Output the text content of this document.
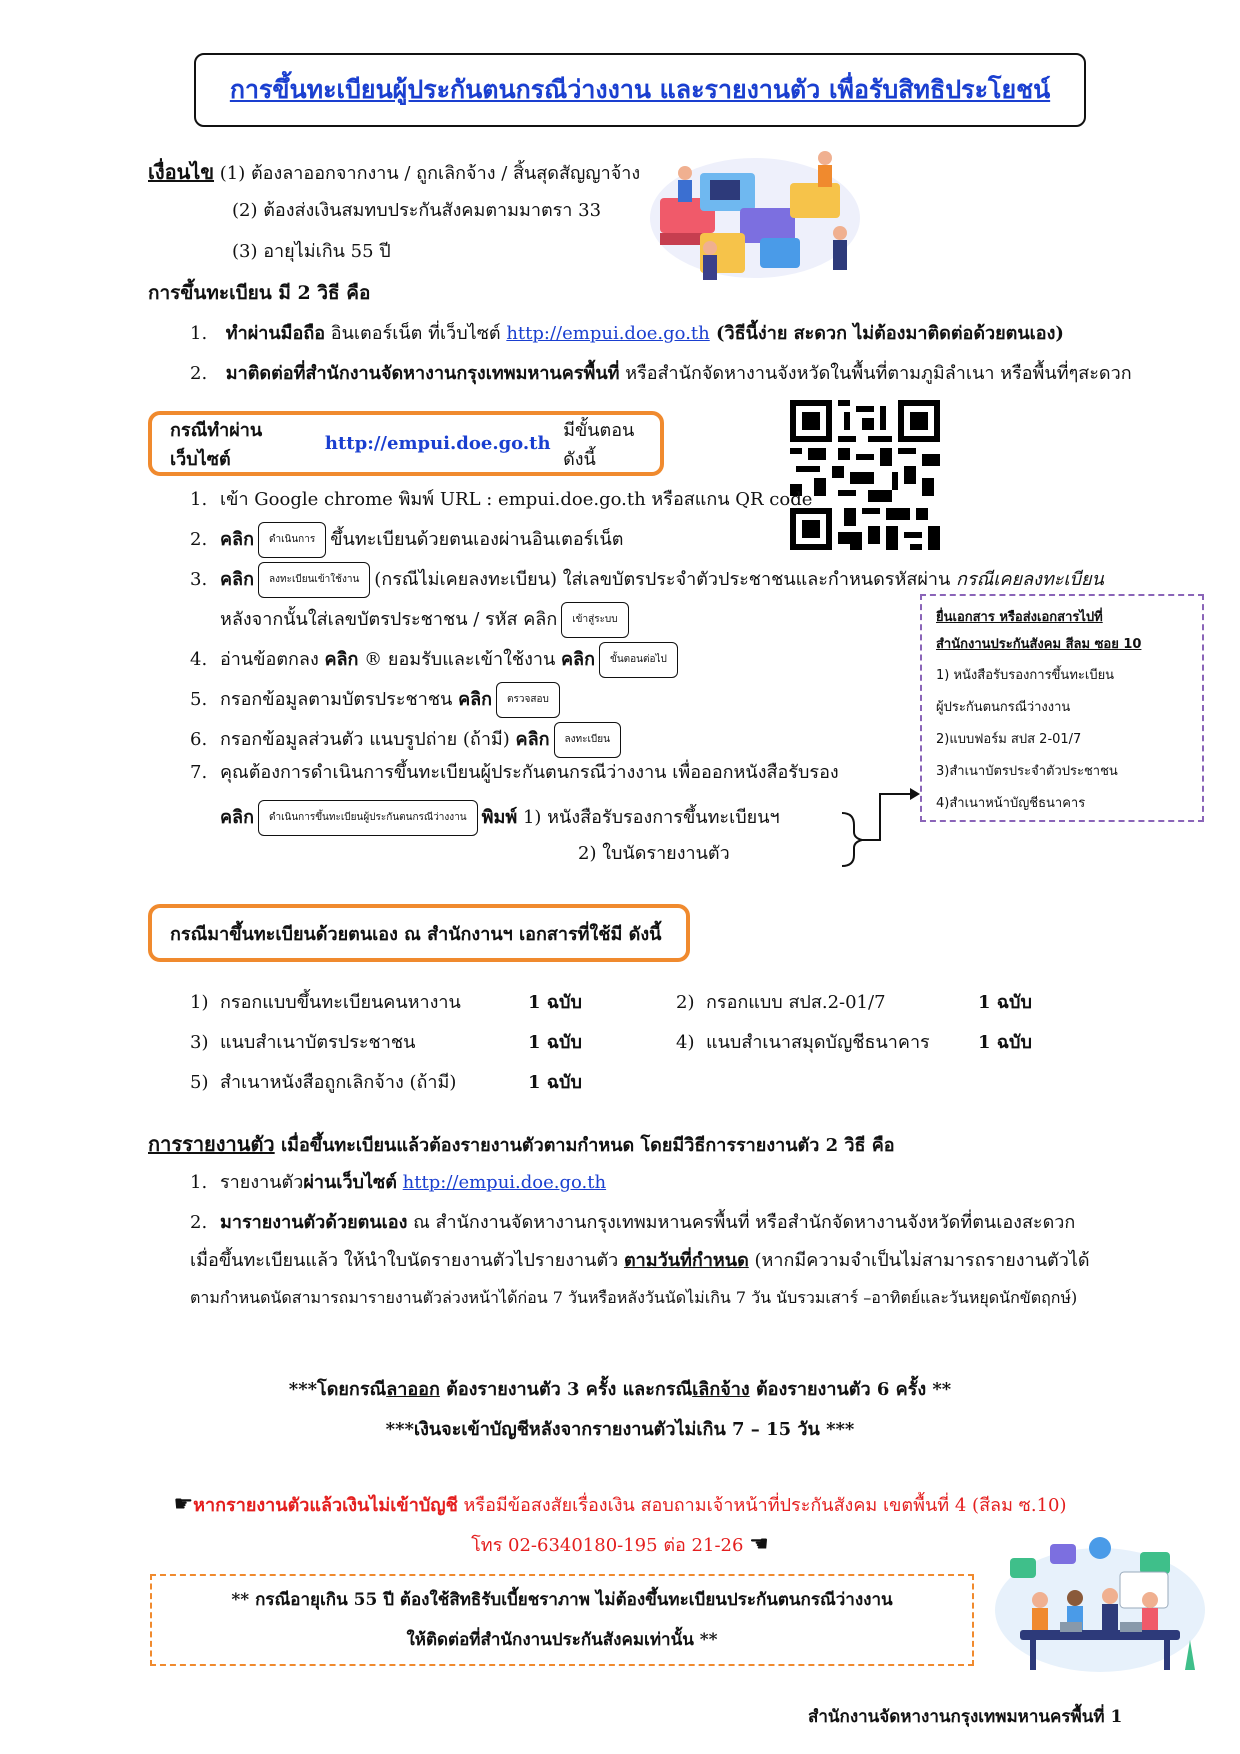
การขึ้นทะเบียนผู้ประกันตนกรณีว่างงาน และรายงานตัว เพื่อรับสิทธิประโยชน์
เงื่อนไข (1) ต้องลาออกจากงาน / ถูกเลิกจ้าง / สิ้นสุดสัญญาจ้าง
(2) ต้องส่งเงินสมทบประกันสังคมตามมาตรา 33
(3) อายุไม่เกิน 55 ปี
การขึ้นทะเบียน มี 2 วิธี คือ
1. ทำผ่านมือถือ อินเตอร์เน็ต ที่เว็บไซต์ http://empui.doe.go.th (วิธีนี้ง่าย สะดวก ไม่ต้องมาติดต่อด้วยตนเอง)
2. มาติดต่อที่สำนักงานจัดหางานกรุงเทพมหานครพื้นที่ หรือสำนักจัดหางานจังหวัดในพื้นที่ตามภูมิลำเนา หรือพื้นที่ๆสะดวก
กรณีทำผ่านเว็บไซต์

http://empui.doe.go.th

มีขั้นตอนดังนี้
1. เข้า Google chrome พิมพ์ URL : empui.doe.go.th หรือสแกน QR code
2. คลิก ดำเนินการ ขึ้นทะเบียนด้วยตนเองผ่านอินเตอร์เน็ต
3. คลิก ลงทะเบียนเข้าใช้งาน (กรณีไม่เคยลงทะเบียน) ใส่เลขบัตรประจำตัวประชาชนและกำหนดรหัสผ่าน กรณีเคยลงทะเบียน
หลังจากนั้นใส่เลขบัตรประชาชน / รหัส คลิก เข้าสู่ระบบ
4. อ่านข้อตกลง คลิก ® ยอมรับและเข้าใช้งาน คลิก ขั้นตอนต่อไป
5. กรอกข้อมูลตามบัตรประชาชน คลิก ตรวจสอบ
6. กรอกข้อมูลส่วนตัว แนบรูปถ่าย (ถ้ามี) คลิก ลงทะเบียน
7. คุณต้องการดำเนินการขึ้นทะเบียนผู้ประกันตนกรณีว่างงาน เพื่อออกหนังสือรับรอง
คลิก ดำเนินการขึ้นทะเบียนผู้ประกันตนกรณีว่างงาน พิมพ์ 1) หนังสือรับรองการขึ้นทะเบียนฯ
2) ใบนัดรายงานตัว
ยื่นเอกสาร หรือส่งเอกสารไปที่
สำนักงานประกันสังคม สีลม ซอย 10
1) หนังสือรับรองการขึ้นทะเบียน
ผู้ประกันตนกรณีว่างงาน
2)แบบฟอร์ม สปส 2-01/7
3)สำเนาบัตรประจำตัวประชาชน
4)สำเนาหน้าบัญชีธนาคาร
กรณีมาขึ้นทะเบียนด้วยตนเอง ณ สำนักงานฯ เอกสารที่ใช้มี ดังนี้
1) กรอกแบบขึ้นทะเบียนคนหางาน	1 ฉบับ	2) กรอกแบบ สปส.2-01/7	1 ฉบับ
3) แนบสำเนาบัตรประชาชน	1 ฉบับ	4) แนบสำเนาสมุดบัญชีธนาคาร	1 ฉบับ
5) สำเนาหนังสือถูกเลิกจ้าง (ถ้ามี)	1 ฉบับ
การรายงานตัว เมื่อขึ้นทะเบียนแล้วต้องรายงานตัวตามกำหนด โดยมีวิธีการรายงานตัว 2 วิธี คือ
1. รายงานตัวผ่านเว็บไซต์ http://empui.doe.go.th
2. มารายงานตัวด้วยตนเอง ณ สำนักงานจัดหางานกรุงเทพมหานครพื้นที่ หรือสำนักจัดหางานจังหวัดที่ตนเองสะดวก
เมื่อขึ้นทะเบียนแล้ว ให้นำใบนัดรายงานตัวไปรายงานตัว ตามวันที่กำหนด (หากมีความจำเป็นไม่สามารถรายงานตัวได้
ตามกำหนดนัดสามารถมารายงานตัวล่วงหน้าได้ก่อน 7 วันหรือหลังวันนัดไม่เกิน 7 วัน นับรวมเสาร์ –อาทิตย์และวันหยุดนักขัตฤกษ์)
***โดยกรณีลาออก ต้องรายงานตัว 3 ครั้ง และกรณีเลิกจ้าง ต้องรายงานตัว 6 ครั้ง **
***เงินจะเข้าบัญชีหลังจากรายงานตัวไม่เกิน 7 – 15 วัน ***
☛หากรายงานตัวแล้วเงินไม่เข้าบัญชี หรือมีข้อสงสัยเรื่องเงิน สอบถามเจ้าหน้าที่ประกันสังคม เขตพื้นที่ 4 (สีลม ซ.10)
โทร 02-6340180-195 ต่อ 21-26 ☚
** กรณีอายุเกิน 55 ปี ต้องใช้สิทธิรับเบี้ยชราภาพ ไม่ต้องขึ้นทะเบียนประกันตนกรณีว่างงาน
ให้ติดต่อที่สำนักงานประกันสังคมเท่านั้น **
สำนักงานจัดหางานกรุงเทพมหานครพื้นที่ 1
